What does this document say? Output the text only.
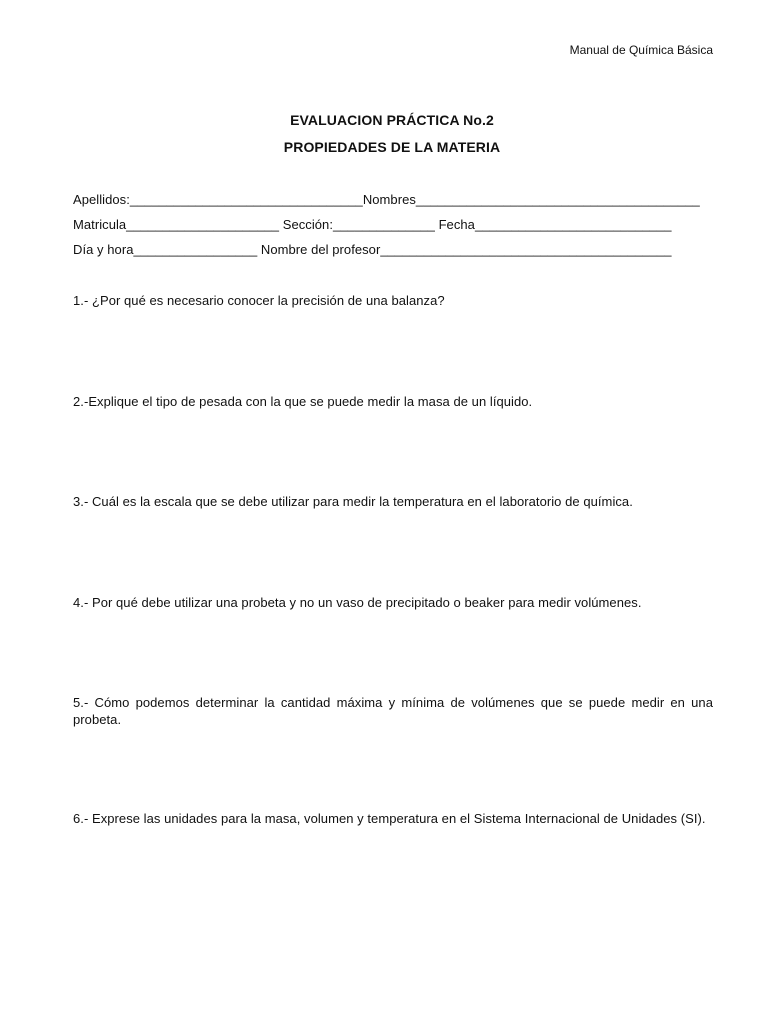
Manual de Química Básica
EVALUACION PRÁCTICA No.2
PROPIEDADES DE LA MATERIA
Apellidos:________________________________Nombres_______________________________________
Matricula_____________________ Sección:______________ Fecha___________________________
Día y hora_________________ Nombre del profesor________________________________________
1.- ¿Por qué es necesario conocer la precisión de una balanza?
2.-Explique el tipo de pesada con la que se puede medir la masa de un líquido.
3.- Cuál es la escala que se debe utilizar para medir la temperatura en el laboratorio de química.
4.- Por qué debe utilizar una probeta y no un vaso de precipitado o beaker para medir volúmenes.
5.- Cómo podemos determinar la cantidad máxima y mínima de volúmenes que se puede medir en una probeta.
6.- Exprese las unidades para la masa, volumen y temperatura en el Sistema Internacional de Unidades (SI).
